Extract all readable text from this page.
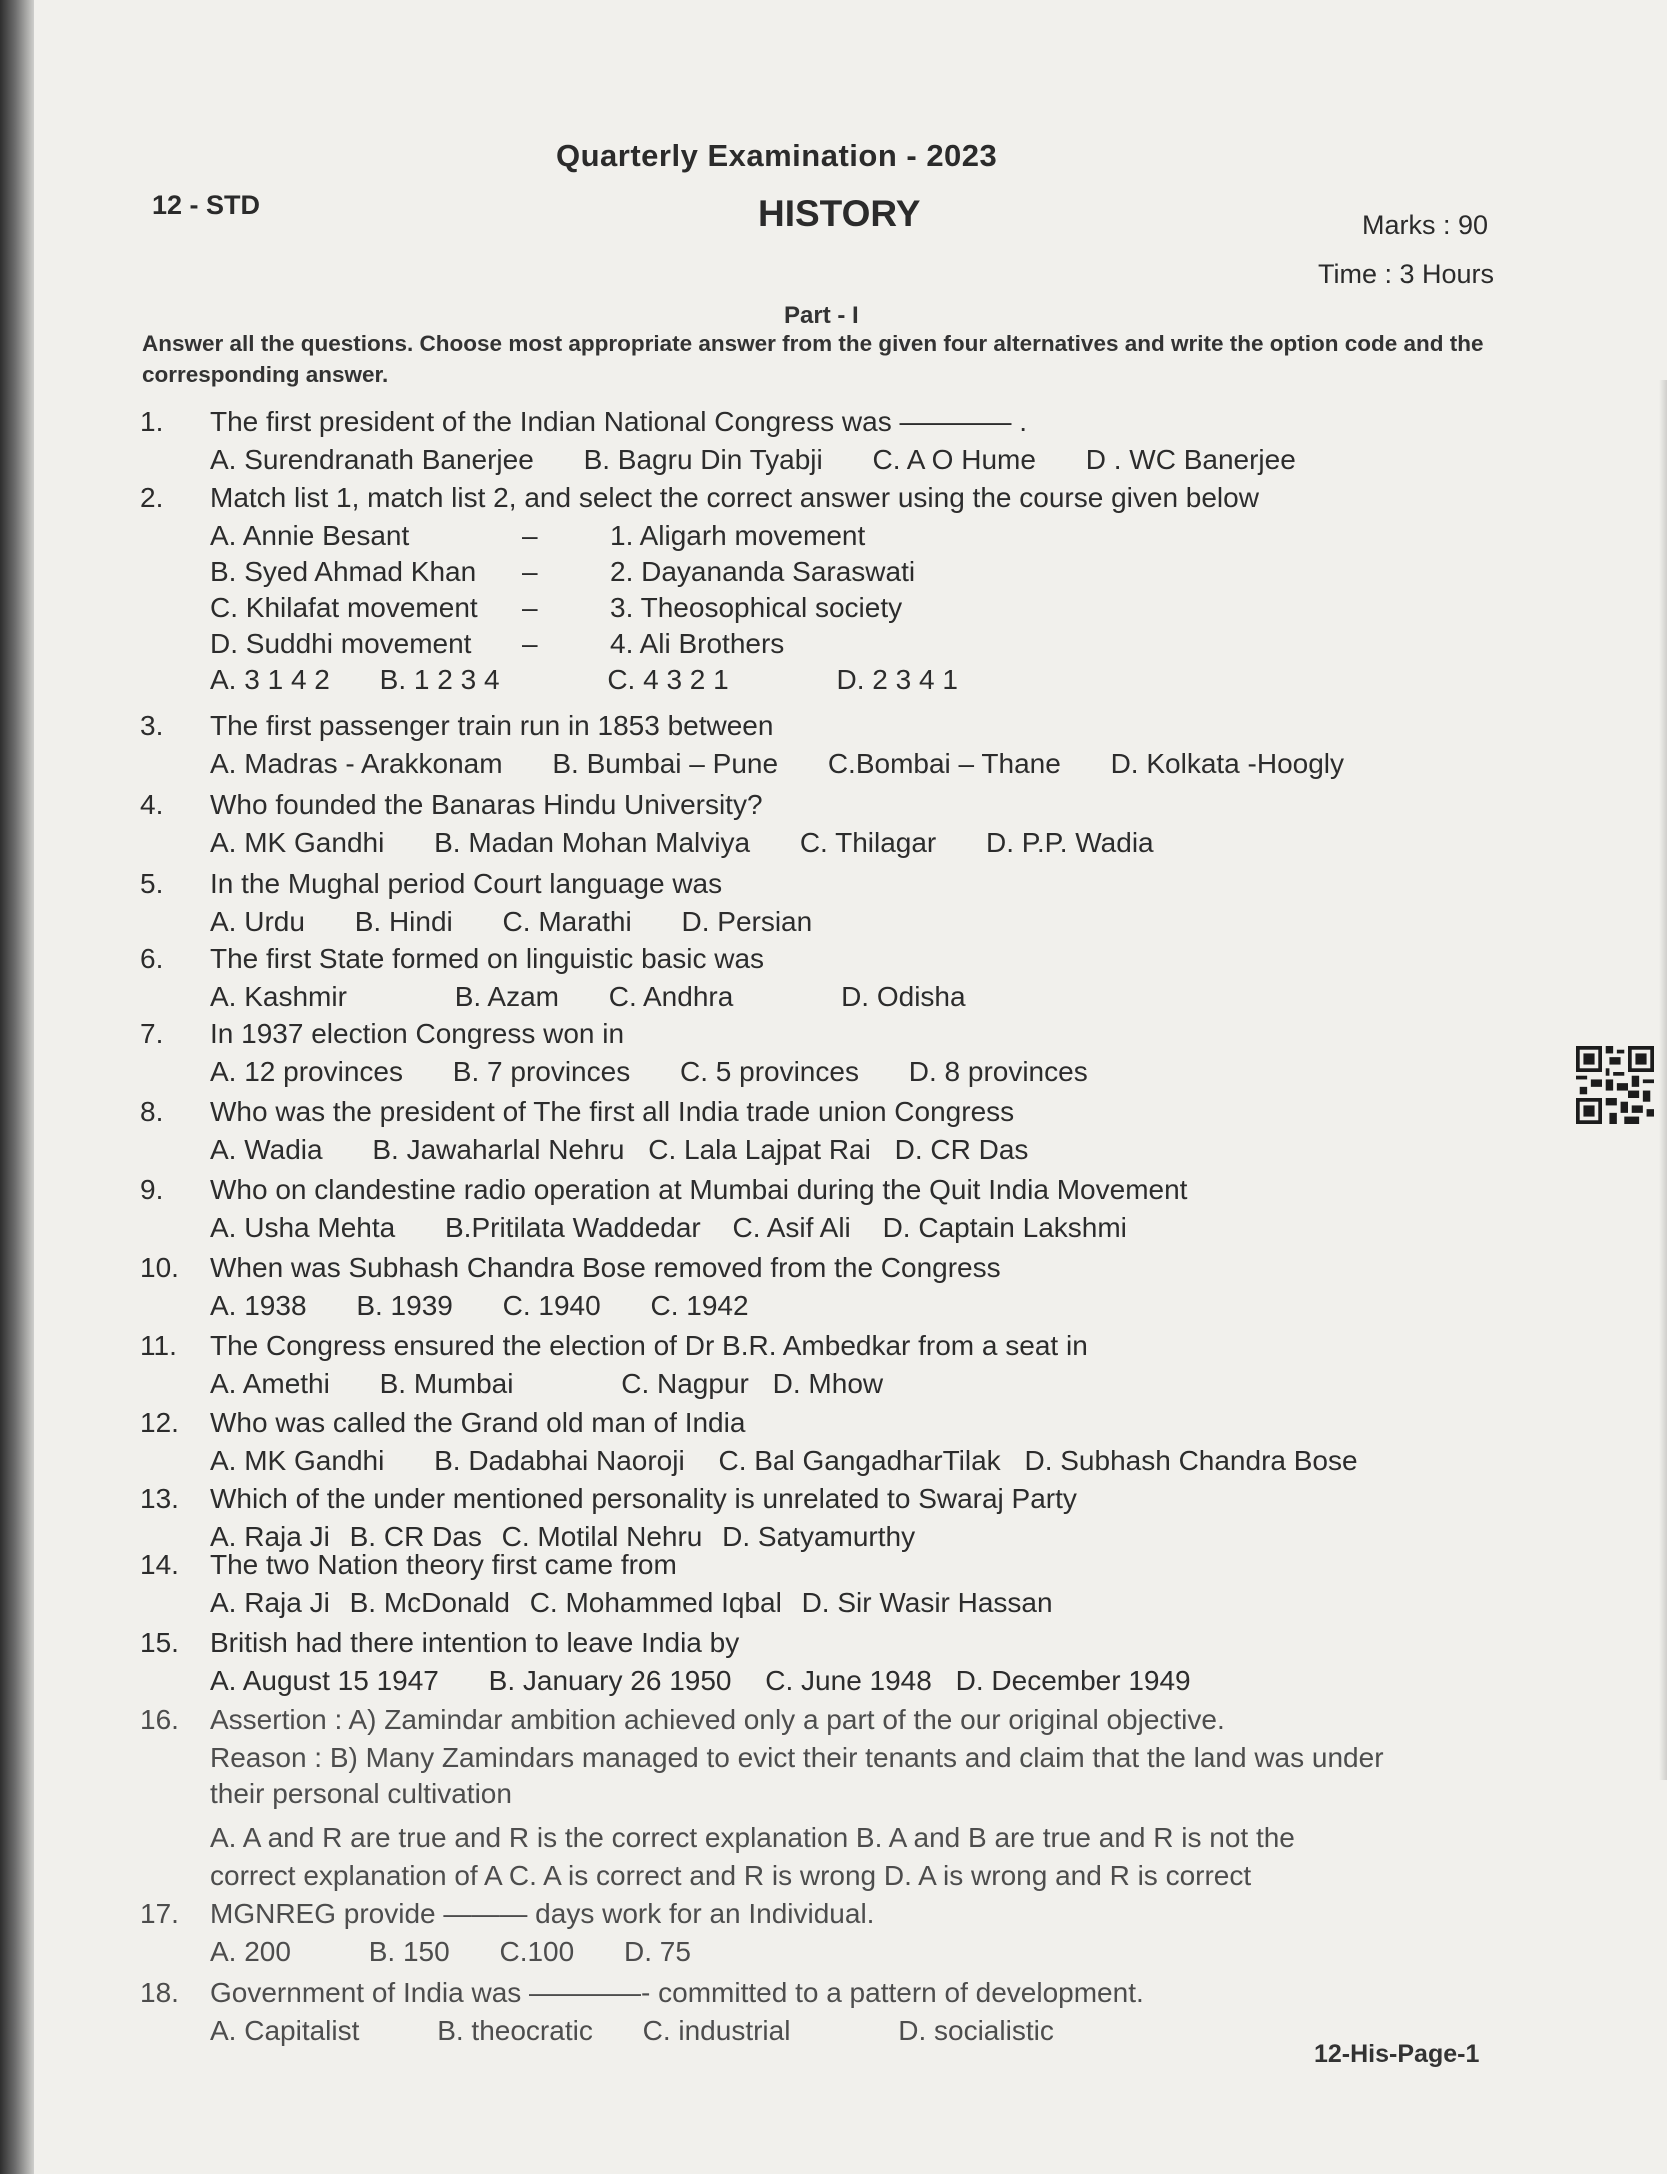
Quarterly Examination - 2023
12 - STD	HISTORY	Marks : 90
Time : 3 Hours
Part - I
Answer all the questions. Choose most appropriate answer from the given four alternatives and write the option code and the corresponding answer.
1. The first president of the Indian National Congress was ———— .
A. Surendranath Banerjee B. Bagru Din Tyabji C. A O Hume D . WC Banerjee
2. Match list 1, match list 2, and select the correct answer using the course given below
A. Annie Besant	–	1. Aligarh movement
B. Syed Ahmad Khan –	2. Dayananda Saraswati
C. Khilafat movement –	3. Theosophical society
D. Suddhi movement –	4. Ali Brothers
A. 3 1 4 2 B. 1 2 3 4	C. 4 3 2 1	D. 2 3 4 1
3. The first passenger train run in 1853 between
A. Madras - Arakkonam B. Bumbai – Pune C.Bombai – Thane D. Kolkata -Hoogly
4. Who founded the Banaras Hindu University?
A. MK Gandhi B. Madan Mohan Malviya C. Thilagar D. P.P. Wadia
5. In the Mughal period Court language was
A. Urdu B. Hindi C. Marathi D. Persian
6. The first State formed on linguistic basic was
A. Kashmir	B. Azam C. Andhra	D. Odisha
7. In 1937 election Congress won in
A. 12 provinces B. 7 provinces C. 5 provinces D. 8 provinces
8. Who was the president of The first all India trade union Congress
A. Wadia B. Jawaharlal Nehru C. Lala Lajpat Rai D. CR Das
9. Who on clandestine radio operation at Mumbai during the Quit India Movement
A. Usha Mehta B.Pritilata Waddedar C. Asif Ali D. Captain Lakshmi
10. When was Subhash Chandra Bose removed from the Congress
A. 1938 B. 1939 C. 1940 C. 1942
11. The Congress ensured the election of Dr B.R. Ambedkar from a seat in
A. Amethi B. Mumbai	C. Nagpur D. Mhow
12. Who was called the Grand old man of India
A. MK Gandhi B. Dadabhai Naoroji C. Bal GangadharTilak D. Subhash Chandra Bose
13. Which of the under mentioned personality is unrelated to Swaraj Party
A. Raja Ji B. CR Das C. Motilal Nehru D. Satyamurthy
14. The two Nation theory first came from
A. Raja Ji B. McDonald C. Mohammed Iqbal D. Sir Wasir Hassan
15. British had there intention to leave India by
A. August 15 1947 B. January 26 1950 C. June 1948 D. December 1949
16. Assertion : A) Zamindar ambition achieved only a part of the our original objective.
Reason : B) Many Zamindars managed to evict their tenants and claim that the land was under
their personal cultivation
A. A and R are true and R is the correct explanation B. A and B are true and R is not the
correct explanation of A C. A is correct and R is wrong D. A is wrong and R is correct
17. MGNREG provide ——— days work for an Individual.
A. 200	B. 150 C.100 D. 75
18. Government of India was ————- committed to a pattern of development.
A. Capitalist	B. theocratic C. industrial	D. socialistic
12-His-Page-1
